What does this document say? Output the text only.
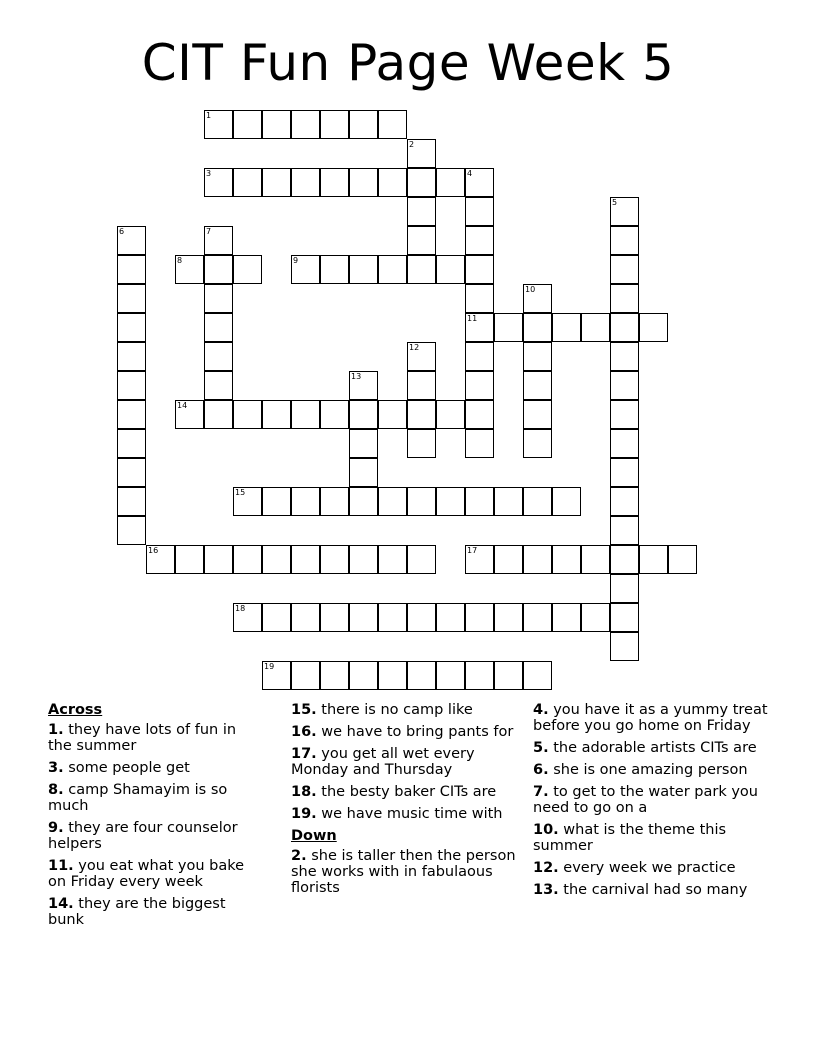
CIT Fun Page Week 5
1
2
3	4
11
5
6	7
8	9
10
12
13
14
15
16	17
18
19
Across
1. they have lots of fun in the summer
3. some people get
8. camp Shamayim is so much
9. they are four counselor helpers
11. you eat what you bake on Friday every week
14. they are the biggest bunk
15. there is no camp like
16. we have to bring pants for
17. you get all wet every Monday and Thursday
18. the besty baker CITs are
19. we have music time with
Down
2. she is taller then the person she works with in fabulaous florists
4. you have it as a yummy treat before you go home on Friday
5. the adorable artists CITs are
6. she is one amazing person
7. to get to the water park you need to go on a
10. what is the theme this summer
12. every week we practice
13. the carnival had so many
